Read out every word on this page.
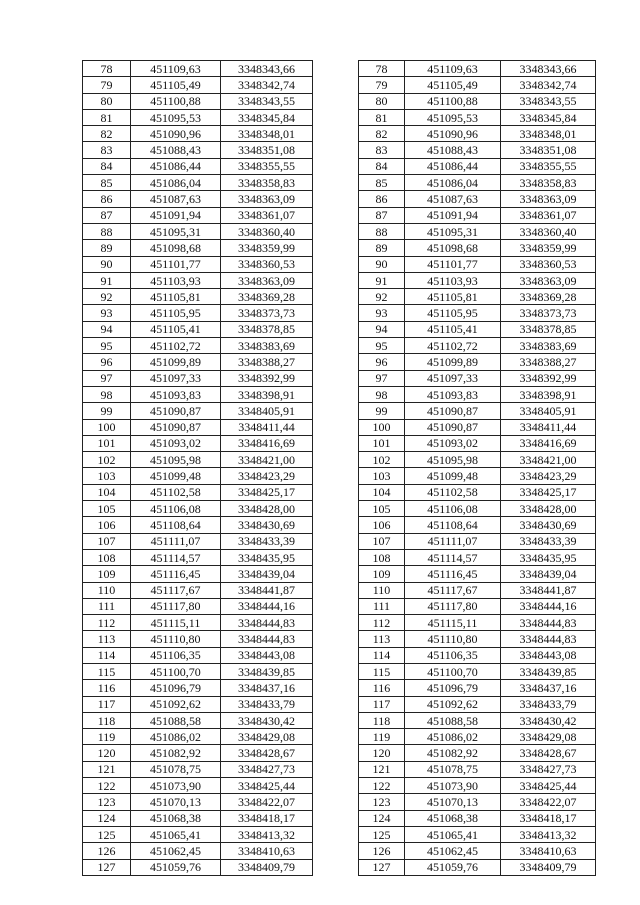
78	451109,63	3348343,66		78	451109,63	3348343,66
79	451105,49	3348342,74		79	451105,49	3348342,74
80	451100,88	3348343,55		80	451100,88	3348343,55
81	451095,53	3348345,84		81	451095,53	3348345,84
82	451090,96	3348348,01		82	451090,96	3348348,01
83	451088,43	3348351,08		83	451088,43	3348351,08
84	451086,44	3348355,55		84	451086,44	3348355,55
85	451086,04	3348358,83		85	451086,04	3348358,83
86	451087,63	3348363,09		86	451087,63	3348363,09
87	451091,94	3348361,07		87	451091,94	3348361,07
88	451095,31	3348360,40		88	451095,31	3348360,40
89	451098,68	3348359,99		89	451098,68	3348359,99
90	451101,77	3348360,53		90	451101,77	3348360,53
91	451103,93	3348363,09		91	451103,93	3348363,09
92	451105,81	3348369,28		92	451105,81	3348369,28
93	451105,95	3348373,73		93	451105,95	3348373,73
94	451105,41	3348378,85		94	451105,41	3348378,85
95	451102,72	3348383,69		95	451102,72	3348383,69
96	451099,89	3348388,27		96	451099,89	3348388,27
97	451097,33	3348392,99		97	451097,33	3348392,99
98	451093,83	3348398,91		98	451093,83	3348398,91
99	451090,87	3348405,91		99	451090,87	3348405,91
100	451090,87	3348411,44		100	451090,87	3348411,44
101	451093,02	3348416,69		101	451093,02	3348416,69
102	451095,98	3348421,00		102	451095,98	3348421,00
103	451099,48	3348423,29		103	451099,48	3348423,29
104	451102,58	3348425,17		104	451102,58	3348425,17
105	451106,08	3348428,00		105	451106,08	3348428,00
106	451108,64	3348430,69		106	451108,64	3348430,69
107	451111,07	3348433,39		107	451111,07	3348433,39
108	451114,57	3348435,95		108	451114,57	3348435,95
109	451116,45	3348439,04		109	451116,45	3348439,04
110	451117,67	3348441,87		110	451117,67	3348441,87
111	451117,80	3348444,16		111	451117,80	3348444,16
112	451115,11	3348444,83		112	451115,11	3348444,83
113	451110,80	3348444,83		113	451110,80	3348444,83
114	451106,35	3348443,08		114	451106,35	3348443,08
115	451100,70	3348439,85		115	451100,70	3348439,85
116	451096,79	3348437,16		116	451096,79	3348437,16
117	451092,62	3348433,79		117	451092,62	3348433,79
118	451088,58	3348430,42		118	451088,58	3348430,42
119	451086,02	3348429,08		119	451086,02	3348429,08
120	451082,92	3348428,67		120	451082,92	3348428,67
121	451078,75	3348427,73		121	451078,75	3348427,73
122	451073,90	3348425,44		122	451073,90	3348425,44
123	451070,13	3348422,07		123	451070,13	3348422,07
124	451068,38	3348418,17		124	451068,38	3348418,17
125	451065,41	3348413,32		125	451065,41	3348413,32
126	451062,45	3348410,63		126	451062,45	3348410,63
127	451059,76	3348409,79		127	451059,76	3348409,79
